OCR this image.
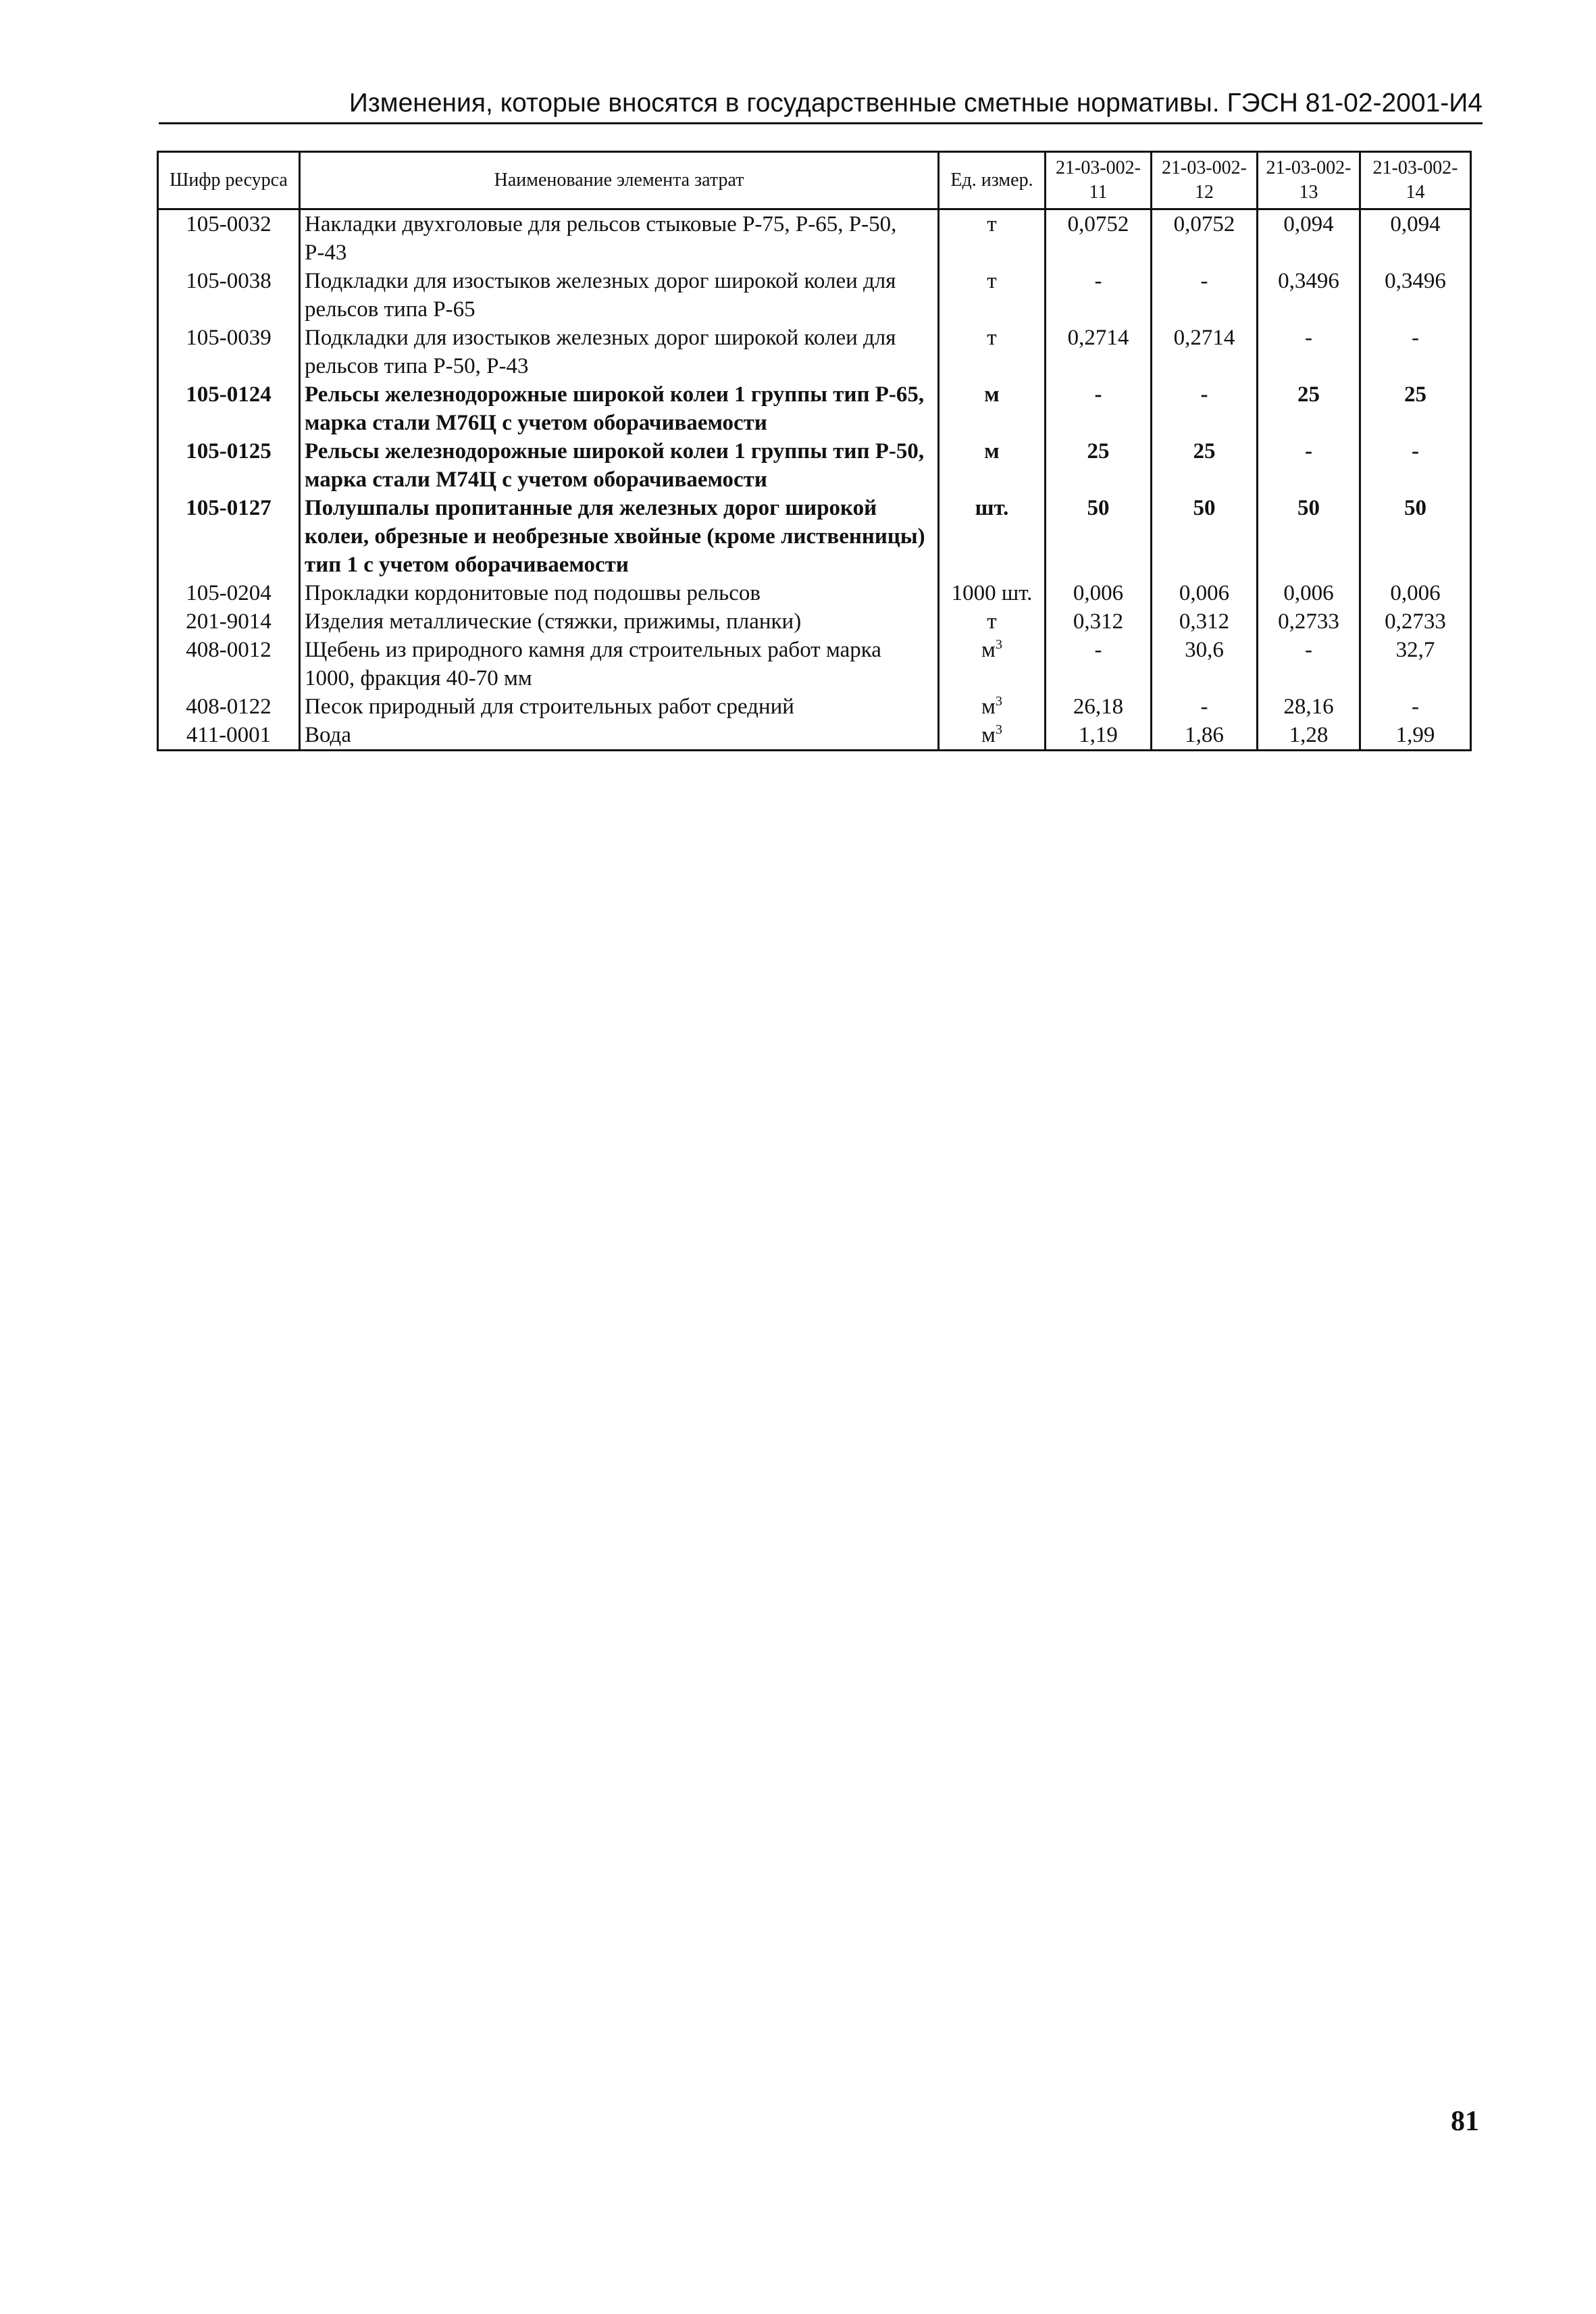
Изменения, которые вносятся в государственные сметные нормативы. ГЭСН 81-02-2001-И4
Шифр ресурса	Наименование элемента затрат	Ед. измер.	21-03-002-11	21-03-002-12	21-03-002-13	21-03-002-14
105-0032	Накладки двухголовые для рельсов стыковые Р-75, Р-65, Р-50, Р-43	т	0,0752	0,0752	0,094	0,094
105-0038	Подкладки для изостыков железных дорог широкой колеи для рельсов типа Р-65	т	-	-	0,3496	0,3496
105-0039	Подкладки для изостыков железных дорог широкой колеи для рельсов типа Р-50, Р-43	т	0,2714	0,2714	-	-
105-0124	Рельсы железнодорожные широкой колеи 1 группы тип Р-65, марка стали М76Ц с учетом оборачиваемости	м	-	-	25	25
105-0125	Рельсы железнодорожные широкой колеи 1 группы тип Р-50, марка стали М74Ц с учетом оборачиваемости	м	25	25	-	-
105-0127	Полушпалы пропитанные для железных дорог широкой колеи, обрезные и необрезные хвойные (кроме лиственницы) тип 1 с учетом оборачиваемости	шт.	50	50	50	50
105-0204	Прокладки кордонитовые под подошвы рельсов	1000 шт.	0,006	0,006	0,006	0,006
201-9014	Изделия металлические (стяжки, прижимы, планки)	т	0,312	0,312	0,2733	0,2733
408-0012	Щебень из природного камня для строительных работ марка 1000, фракция 40-70 мм	$м^3$	-	30,6	-	32,7
408-0122	Песок природный для строительных работ средний	$м^3$	26,18	-	28,16	-
411-0001	Вода	$м^3$	1,19	1,86	1,28	1,99
81
